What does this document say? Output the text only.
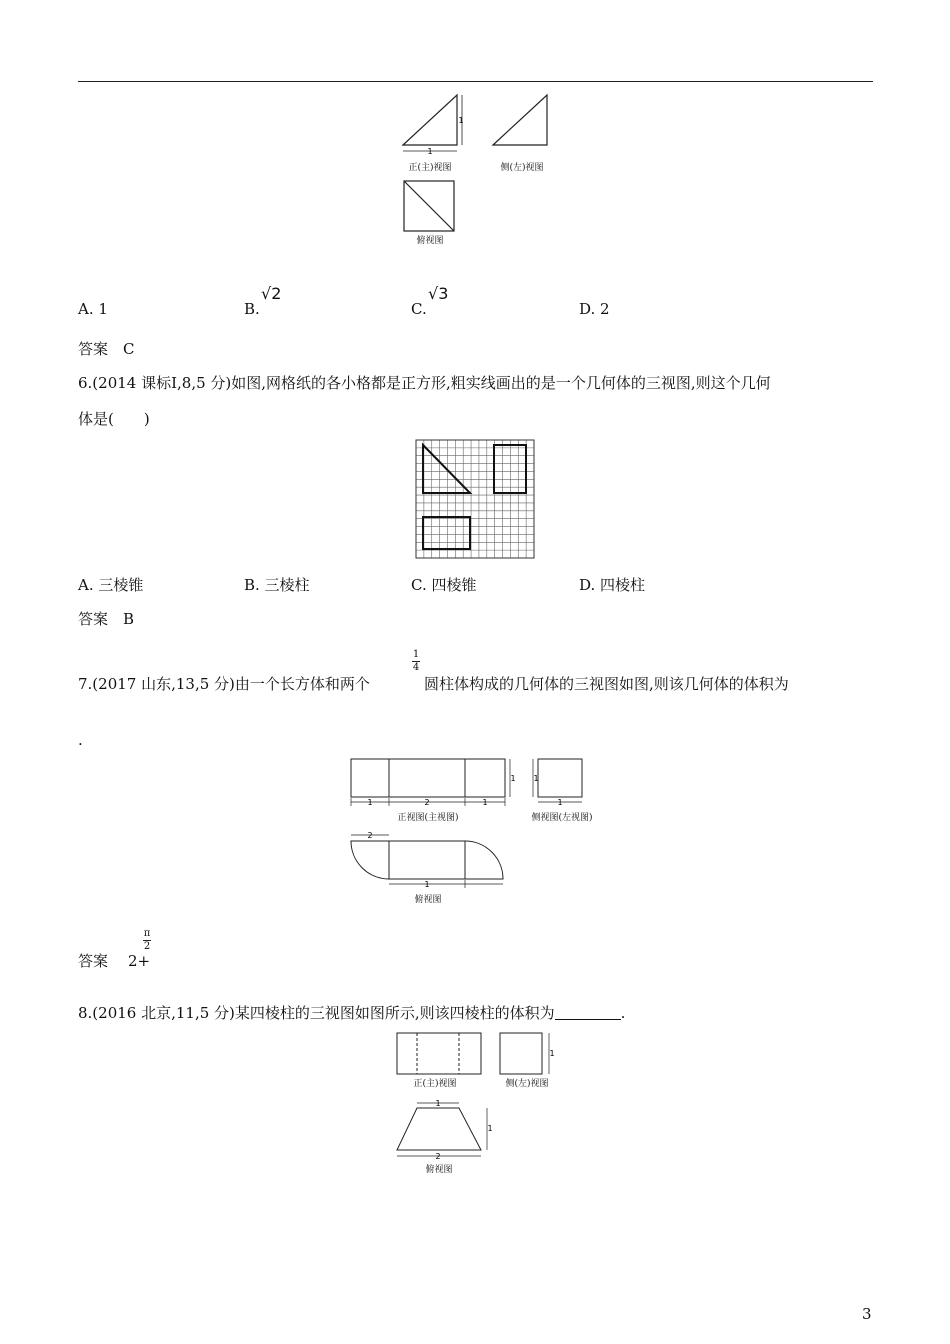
1
1
正(主)视图	侧(左)视图
俯视图
A. 1	B.
√2
C.
√3
D. 2
答案　C
6.(2014 课标Ⅰ,8,5 分)如图,网格纸的各小格都是正方形,粗实线画出的是一个几何体的三视图,则这个几何
体是(　　)
A. 三棱锥	B. 三棱柱	C. 四棱锥	D. 四棱柱
答案　B
7.(2017 山东,13,5 分)由一个长方体和两个
1
4
圆柱体构成的几何体的三视图如图,则该几何体的体积为
.
1	2	1
1 1
1
2
1
正视图(主视图)	侧视图(左视图)
俯视图
答案 2+
π
2
8.(2016 北京,11,5 分)某四棱柱的三视图如图所示,则该四棱柱的体积为	.
1
1
2
1
正(主)视图	侧(左)视图
俯视图
3
